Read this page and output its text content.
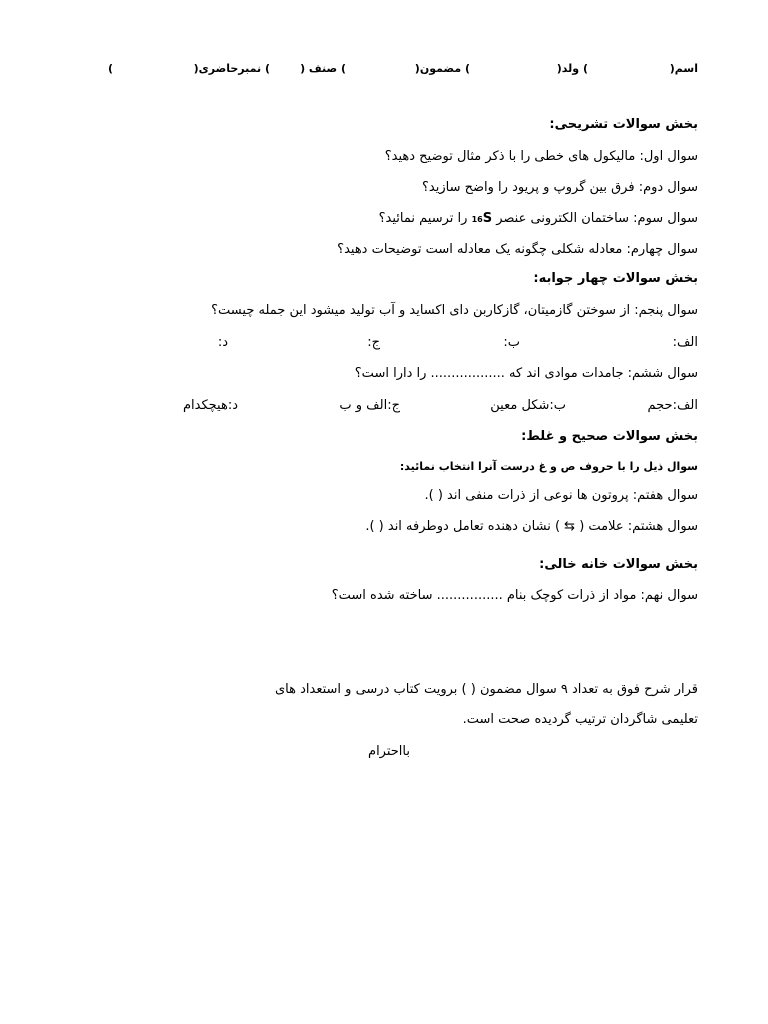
اسم(
) ولد(
) مضمون(
) صنف (
) نمبرحاضری(
)
بخش سوالات تشریحی:
سوال اول: مالیکول های خطی را با ذکر مثال توضیح دهید؟
سوال دوم: فرق بین گروپ و پریود را واضح سازید؟
سوال سوم: ساختمان الکترونی عنصر 16S را ترسیم نمائید؟
سوال چهارم: معادله شکلی چگونه یک معادله است توضیحات دهید؟
بخش سوالات چهار جوابه:
سوال پنجم: از سوختن گازمیتان، گازکاربن دای اکساید و آب تولید میشود این جمله چیست؟
الف:
ب:
ج:
د:
سوال ششم: جامدات موادی اند که .................. را دارا است؟
الف:حجم
ب:شکل معین
ج:الف و ب
د:هیچکدام
بخش سوالات صحیح و غلط:
سوال ذیل را با حروف ص و غ درست آنرا انتخاب نمائید:
سوال هفتم: پروتون ها نوعی از ذرات منفی اند ( ).
سوال هشتم: علامت ( ⇆ ) نشان دهنده تعامل دوطرفه اند ( ).
بخش سوالات خانه خالی:
سوال نهم: مواد از ذرات کوچک بنام ................ ساخته شده است؟
قرار شرح فوق به تعداد ۹ سوال مضمون ( ) برویت کتاب درسی و استعداد های
تعلیمی شاگردان ترتیب گردیده صحت است.
بااحترام
